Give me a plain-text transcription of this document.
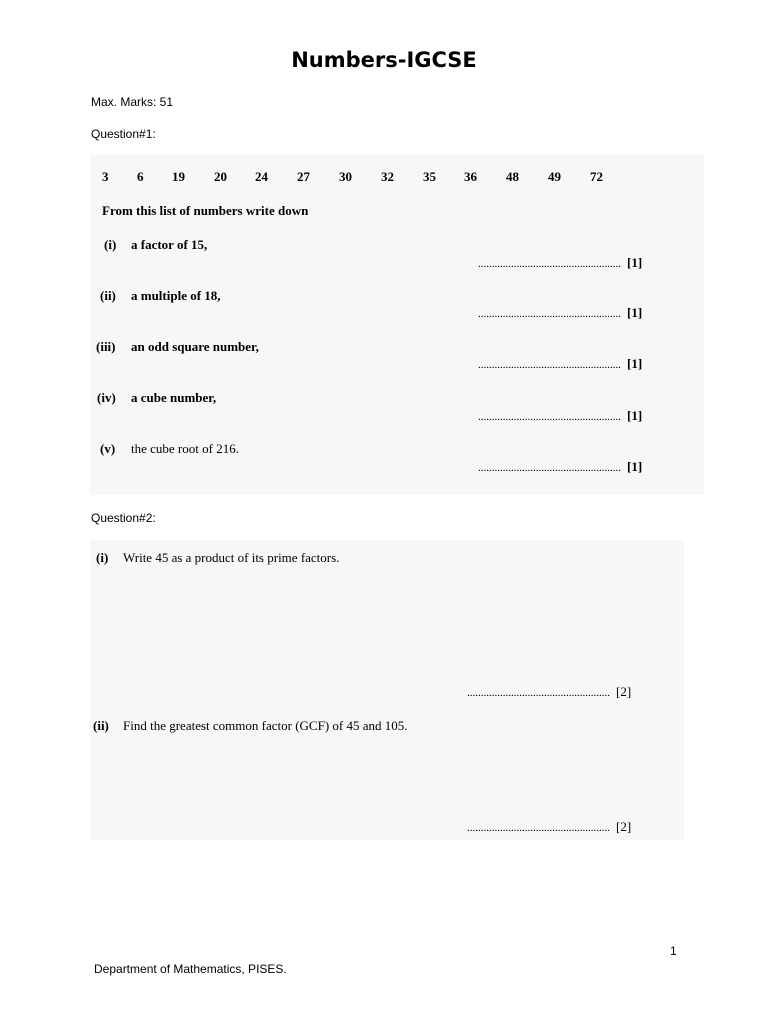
Numbers-IGCSE
Max. Marks: 51
Question#1:
3 6 19 20 24 27 30 32 35 36 48 49 72
From this list of numbers write down
(i) a factor of 15,
.................................................... [1]
(ii) a multiple of 18,
.................................................... [1]
(iii) an odd square number,
.................................................... [1]
(iv) a cube number,
.................................................... [1]
(v) the cube root of 216.
.................................................... [1]
Question#2:
(i) Write 45 as a product of its prime factors.
.................................................... [2]
(ii) Find the greatest common factor (GCF) of 45 and 105.
.................................................... [2]
1
Department of Mathematics, PISES.
